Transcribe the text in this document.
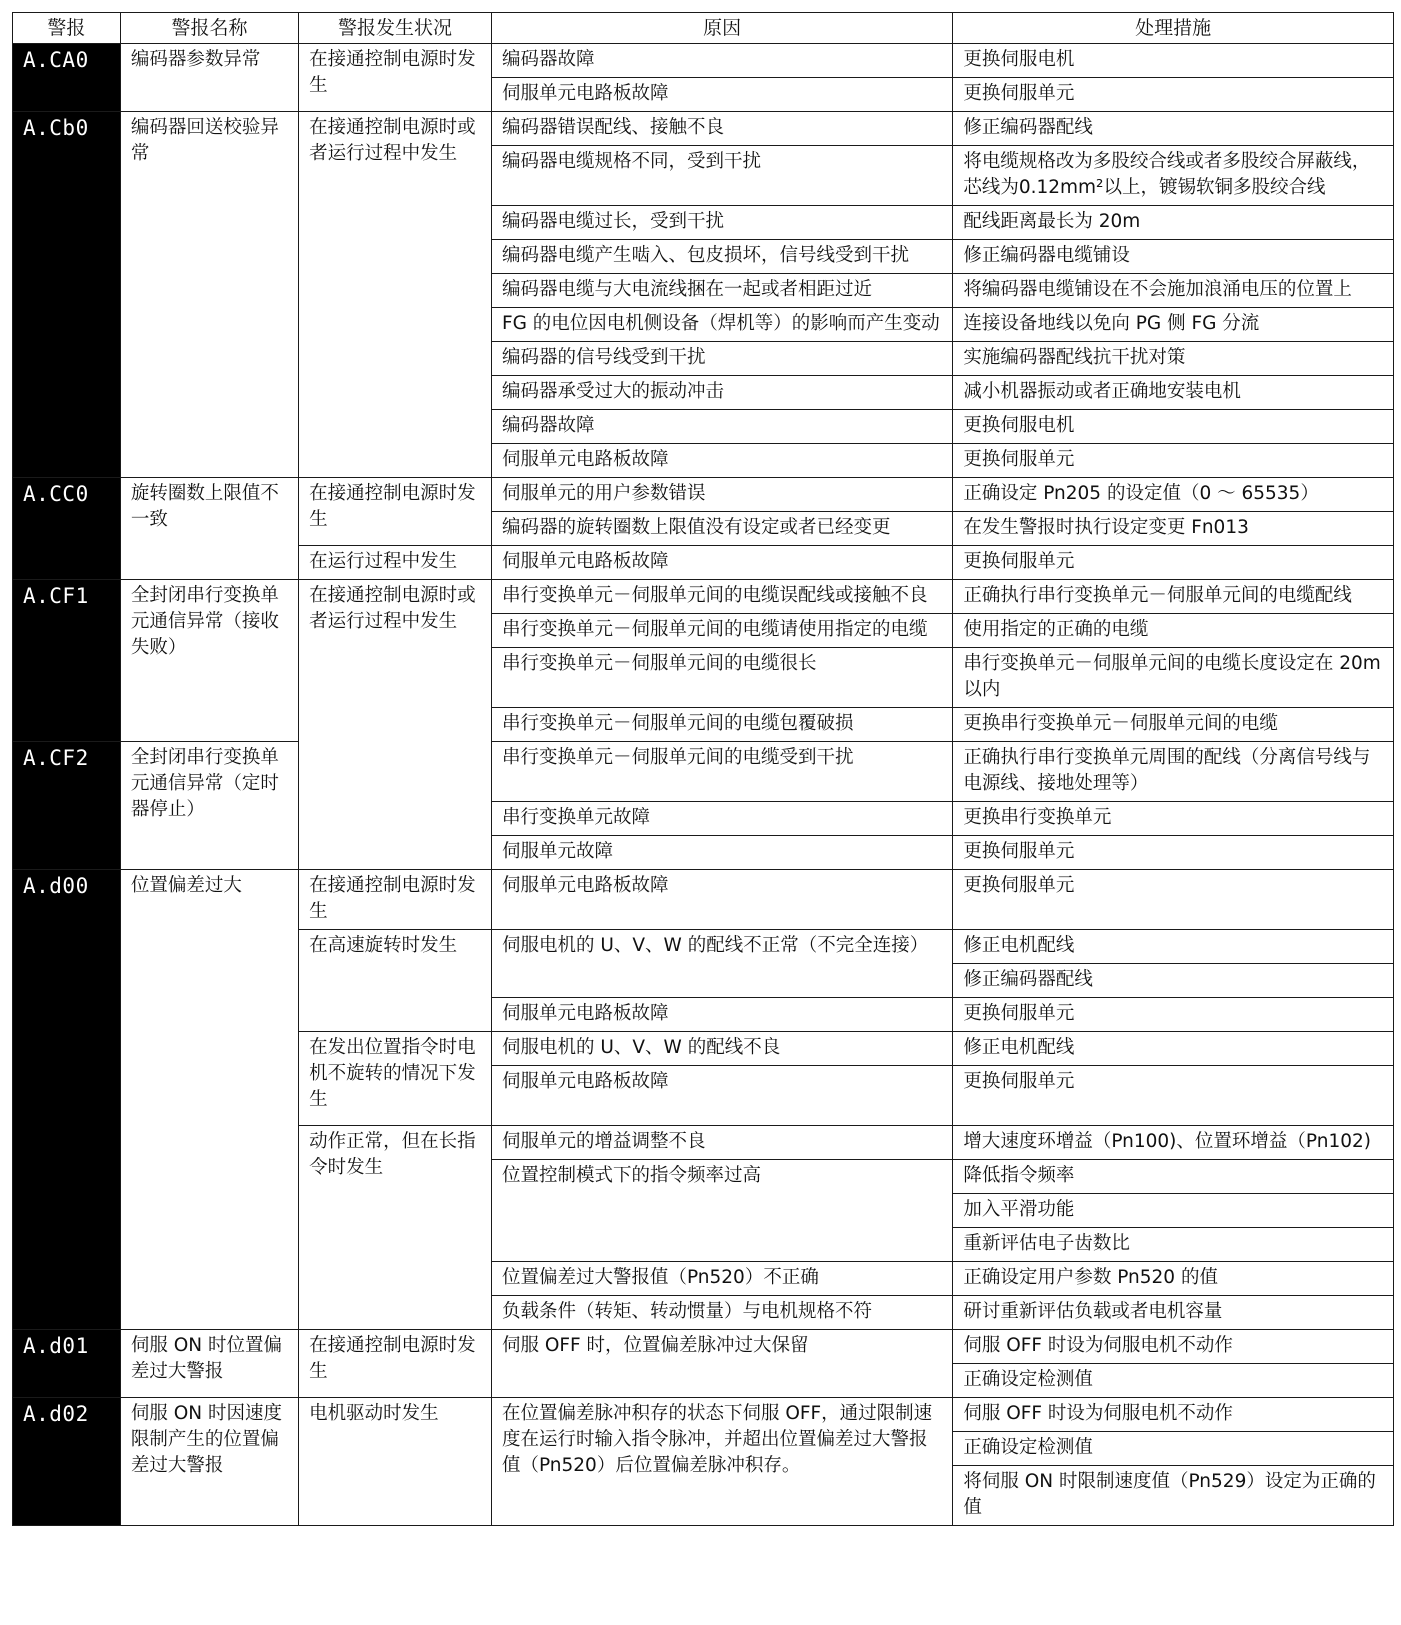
警报	警报名称	警报发生状况	原因	处理措施
A.CA0	编码器参数异常	在接通控制电源时发生	编码器故障	更换伺服电机
			伺服单元电路板故障	更换伺服单元
A.Cb0	编码器回送校验异常	在接通控制电源时或者运行过程中发生	编码器错误配线、接触不良	修正编码器配线
			编码器电缆规格不同，受到干扰	将电缆规格改为多股绞合线或者多股绞合屏蔽线，芯线为0.12mm²以上，镀锡软铜多股绞合线
			编码器电缆过长，受到干扰	配线距离最长为 20m
			编码器电缆产生啮入、包皮损坏，信号线受到干扰	修正编码器电缆铺设
			编码器电缆与大电流线捆在一起或者相距过近	将编码器电缆铺设在不会施加浪涌电压的位置上
			FG 的电位因电机侧设备（焊机等）的影响而产生变动	连接设备地线以免向 PG 侧 FG 分流
			编码器的信号线受到干扰	实施编码器配线抗干扰对策
			编码器承受过大的振动冲击	减小机器振动或者正确地安装电机
			编码器故障	更换伺服电机
			伺服单元电路板故障	更换伺服单元
A.CC0	旋转圈数上限值不一致	在接通控制电源时发生	伺服单元的用户参数错误	正确设定 Pn205 的设定值（0 ～ 65535）
			编码器的旋转圈数上限值没有设定或者已经变更	在发生警报时执行设定变更 Fn013
		在运行过程中发生	伺服单元电路板故障	更换伺服单元
A.CF1	全封闭串行变换单元通信异常（接收失败）	在接通控制电源时或者运行过程中发生	串行变换单元－伺服单元间的电缆误配线或接触不良	正确执行串行变换单元－伺服单元间的电缆配线
			串行变换单元－伺服单元间的电缆请使用指定的电缆	使用指定的正确的电缆
			串行变换单元－伺服单元间的电缆很长	串行变换单元－伺服单元间的电缆长度设定在 20m 以内
			串行变换单元－伺服单元间的电缆包覆破损	更换串行变换单元－伺服单元间的电缆
A.CF2	全封闭串行变换单元通信异常（定时器停止）		串行变换单元－伺服单元间的电缆受到干扰	正确执行串行变换单元周围的配线（分离信号线与电源线、接地处理等）
			串行变换单元故障	更换串行变换单元
			伺服单元故障	更换伺服单元
A.d00	位置偏差过大	在接通控制电源时发生	伺服单元电路板故障	更换伺服单元
		在高速旋转时发生	伺服电机的 U、V、W 的配线不正常（不完全连接）	修正电机配线
				修正编码器配线
			伺服单元电路板故障	更换伺服单元
		在发出位置指令时电机不旋转的情况下发生	伺服电机的 U、V、W 的配线不良	修正电机配线
			伺服单元电路板故障	更换伺服单元
		动作正常，但在长指令时发生	伺服单元的增益调整不良	增大速度环增益（Pn100)、位置环增益（Pn102)
			位置控制模式下的指令频率过高	降低指令频率
				加入平滑功能
				重新评估电子齿数比
			位置偏差过大警报值（Pn520）不正确	正确设定用户参数 Pn520 的值
			负载条件（转矩、转动惯量）与电机规格不符	研讨重新评估负载或者电机容量
A.d01	伺服 ON 时位置偏差过大警报	在接通控制电源时发生	伺服 OFF 时，位置偏差脉冲过大保留	伺服 OFF 时设为伺服电机不动作
				正确设定检测值
A.d02	伺服 ON 时因速度限制产生的位置偏差过大警报	电机驱动时发生	在位置偏差脉冲积存的状态下伺服 OFF，通过限制速度在运行时输入指令脉冲，并超出位置偏差过大警报值（Pn520）后位置偏差脉冲积存。	伺服 OFF 时设为伺服电机不动作
				正确设定检测值
				将伺服 ON 时限制速度值（Pn529）设定为正确的值
